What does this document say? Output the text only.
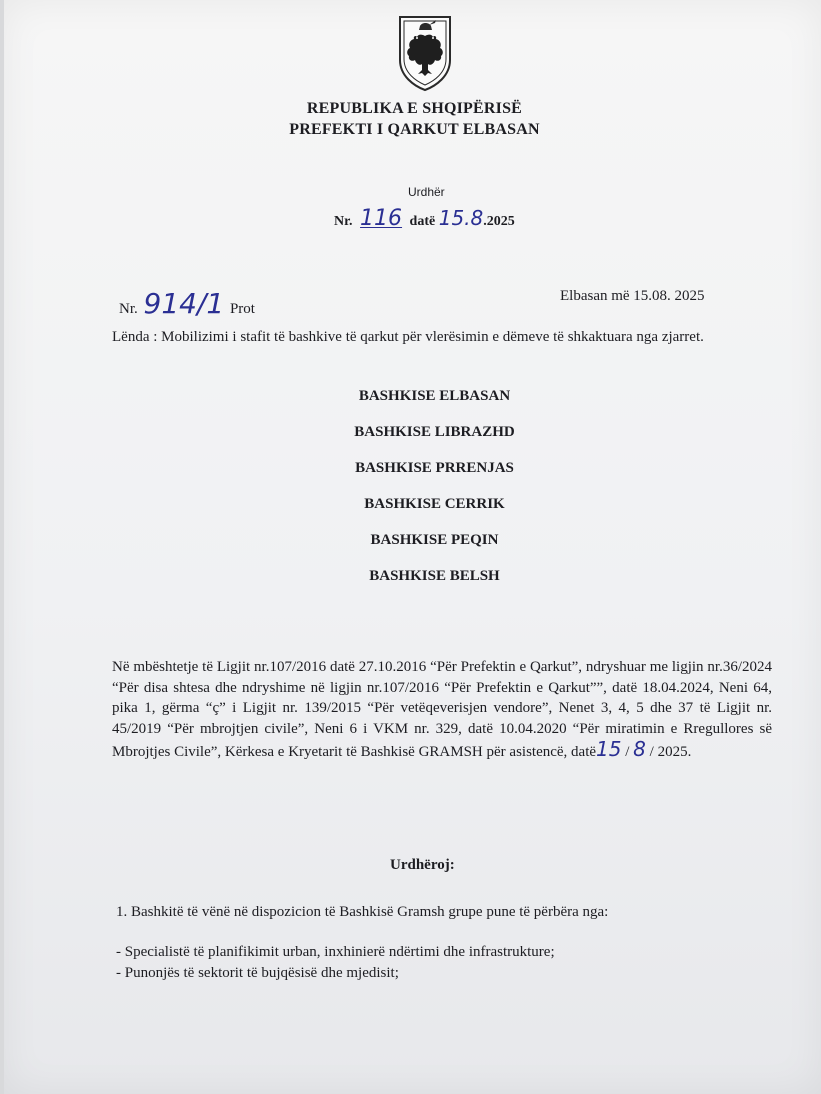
REPUBLIKA E SHQIPËRISË
PREFEKTI I QARKUT ELBASAN
Urdhër
Nr. 116 datë 15.8.2025
Nr. 914/1 Prot
Elbasan më 15.08. 2025
Lënda : Mobilizimi i stafit të bashkive të qarkut për vlerësimin e dëmeve të shkaktuara nga zjarret.
BASHKISE ELBASAN
BASHKISE LIBRAZHD
BASHKISE PRRENJAS
BASHKISE CERRIK
BASHKISE PEQIN
BASHKISE BELSH
Në mbështetje të Ligjit nr.107/2016 datë 27.10.2016 “Për Prefektin e Qarkut”, ndryshuar me ligjin nr.36/2024 “Për disa shtesa dhe ndryshime në ligjin nr.107/2016 “Për Prefektin e Qarkut””, datë 18.04.2024, Neni 64, pika 1, gërma “ç” i Ligjit nr. 139/2015 “Për vetëqeverisjen vendore”, Nenet 3, 4, 5 dhe 37 të Ligjit nr. 45/2019 “Për mbrojtjen civile”, Neni 6 i VKM nr. 329, datë 10.04.2020 “Për miratimin e Rregullores së Mbrojtjes Civile”, Kërkesa e Kryetarit të Bashkisë GRAMSH për asistencë, datë15 / 8 / 2025.
Urdhëroj:
1. Bashkitë të vënë në dispozicion të Bashkisë Gramsh grupe pune të përbëra nga:
- Specialistë të planifikimit urban, inxhinierë ndërtimi dhe infrastrukture;
- Punonjës të sektorit të bujqësisë dhe mjedisit;
